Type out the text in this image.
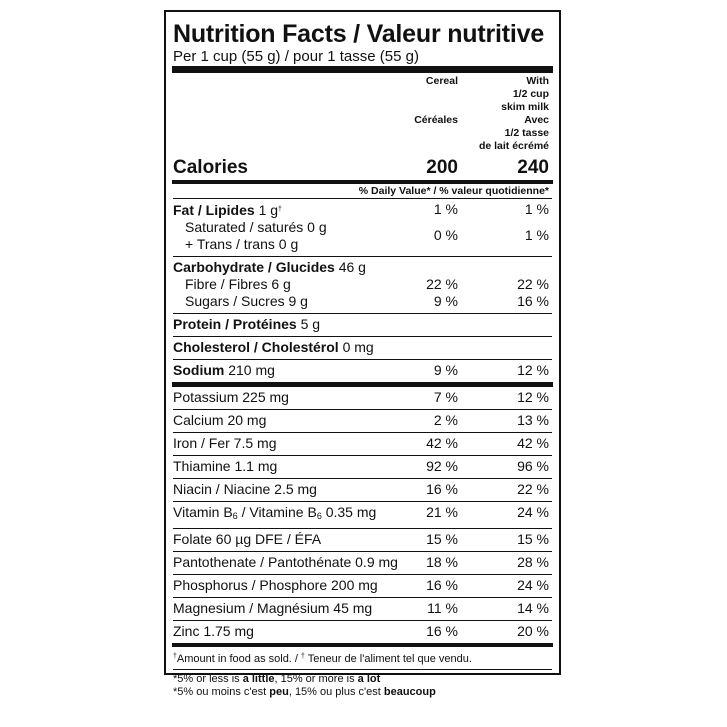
Nutrition Facts / Valeur nutritive
Per 1 cup (55 g) / pour 1 tasse (55 g)
Cereal
Céréales
With
1/2 cup
skim milk
Avec
1/2 tasse
de lait écrémé
Calories	200	240
% Daily Value* / % valeur quotidienne*
Fat / Lipides 1 g†	1 %	1 %
Saturated / saturés 0 g
+ Trans / trans 0 g
0 %	1 %
Carbohydrate / Glucides 46 g
Fibre / Fibres 6 g	22 %	22 %
Sugars / Sucres 9 g	9 %	16 %
Protein / Protéines 5 g
Cholesterol / Cholestérol 0 mg
Sodium 210 mg	9 %	12 %
Potassium 225 mg	7 %	12 %
Calcium 20 mg	2 %	13 %
Iron / Fer 7.5 mg	42 %	42 %
Thiamine 1.1 mg	92 %	96 %
Niacin / Niacine 2.5 mg	16 %	22 %
Vitamin $B_6$ / Vitamine $B_6$ 0.35 mg	21 %	24 %
Folate 60 µg DFE / ÉFA	15 %	15 %
Pantothenate / Pantothénate 0.9 mg 18 %	28 %
Phosphorus / Phosphore 200 mg	16 %	24 %
Magnesium / Magnésium 45 mg	11 %	14 %
Zinc 1.75 mg	16 %	20 %
†Amount in food as sold. / † Teneur de l'aliment tel que vendu.
*5% or less is a little, 15% or more is a lot
*5% ou moins c'est peu, 15% ou plus c'est beaucoup
